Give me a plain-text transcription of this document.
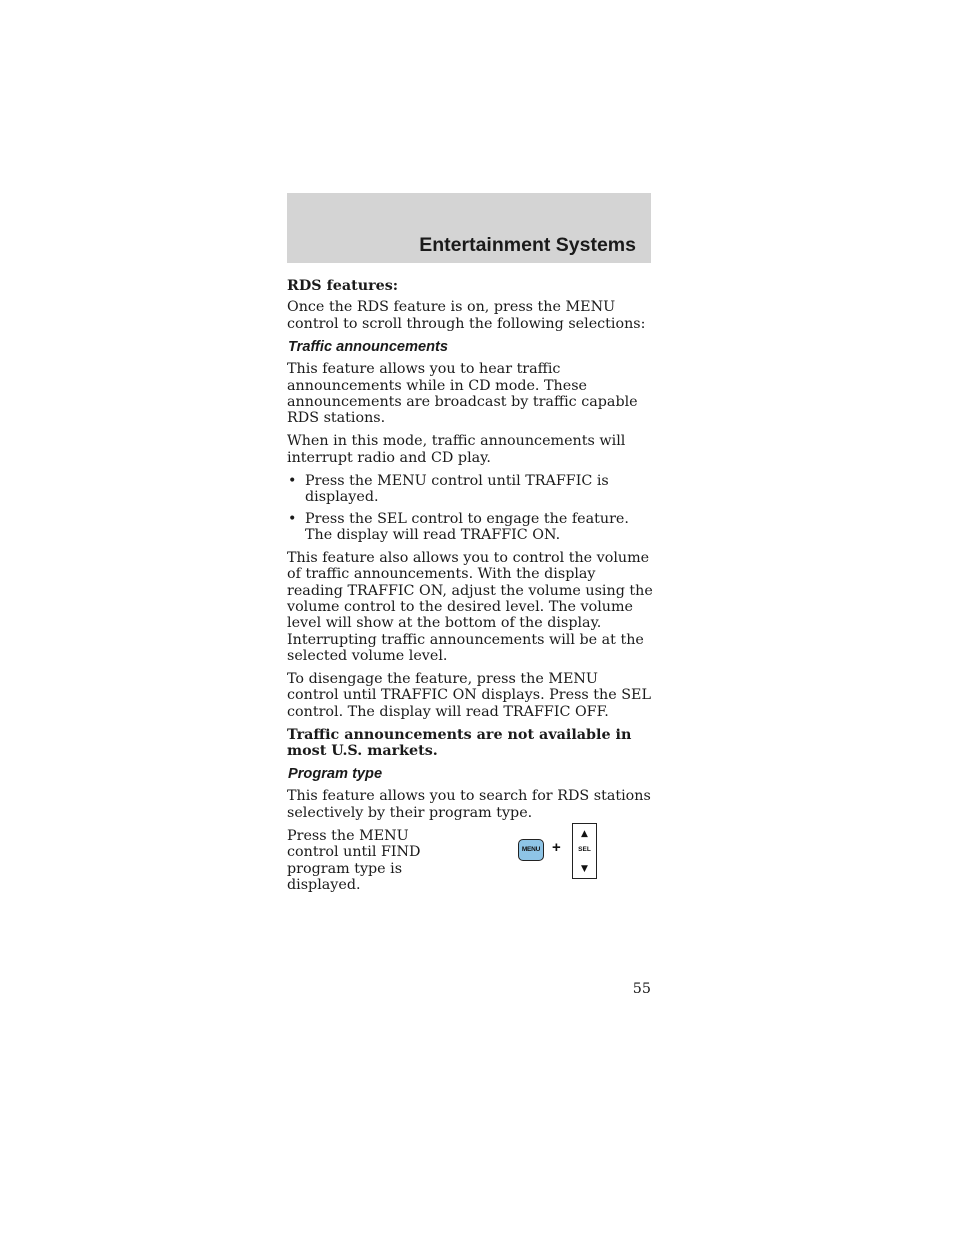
Entertainment Systems

RDS features:

Once the RDS feature is on, press the MENU control to scroll through the following selections:

Traffic announcements

This feature allows you to hear traffic announcements while in CD mode. These announcements are broadcast by traffic capable RDS stations.

When in this mode, traffic announcements will interrupt radio and CD play.

• Press the MENU control until TRAFFIC is displayed.
• Press the SEL control to engage the feature. The display will read TRAFFIC ON.

This feature also allows you to control the volume of traffic announcements. With the display reading TRAFFIC ON, adjust the volume using the volume control to the desired level. The volume level will show at the bottom of the display. Interrupting traffic announcements will be at the selected volume level.

To disengage the feature, press the MENU control until TRAFFIC ON displays. Press the SEL control. The display will read TRAFFIC OFF.

Traffic announcements are not available in most U.S. markets.

Program type

This feature allows you to search for RDS stations selectively by their program type.

Press the MENU control until FIND program type is displayed.
MENU +
▲
SEL
▼
55
